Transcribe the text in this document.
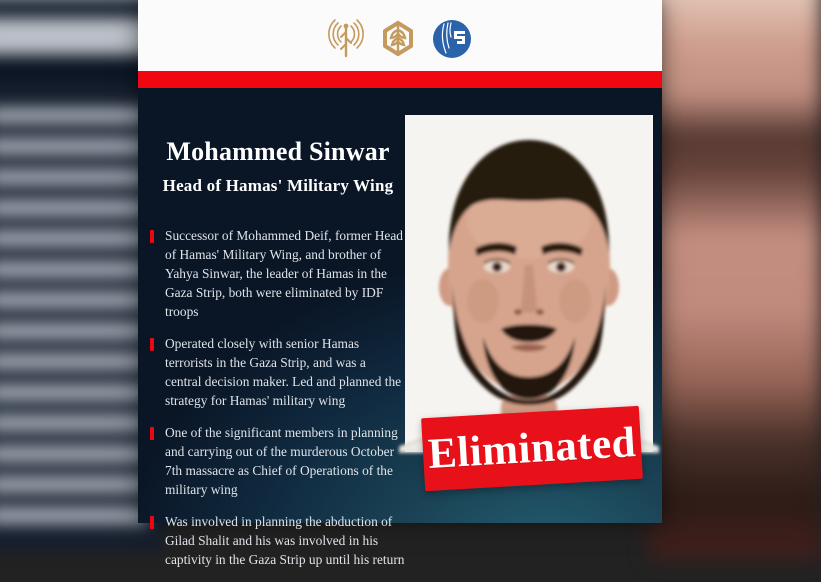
Mohammed Sinwar
Head of Hamas' Military Wing
Successor of Mohammed Deif, former Head of Hamas' Military Wing, and brother of Yahya Sinwar, the leader of Hamas in the Gaza Strip, both were eliminated by IDF troops
Operated closely with senior Hamas terrorists in the Gaza Strip, and was a central decision maker. Led and planned the strategy for Hamas' military wing
One of the significant members in planning and carrying out of the murderous October 7th massacre as Chief of Operations of the military wing
Was involved in planning the abduction of Gilad Shalit and his was involved in his captivity in the Gaza Strip up until his return
Eliminated
